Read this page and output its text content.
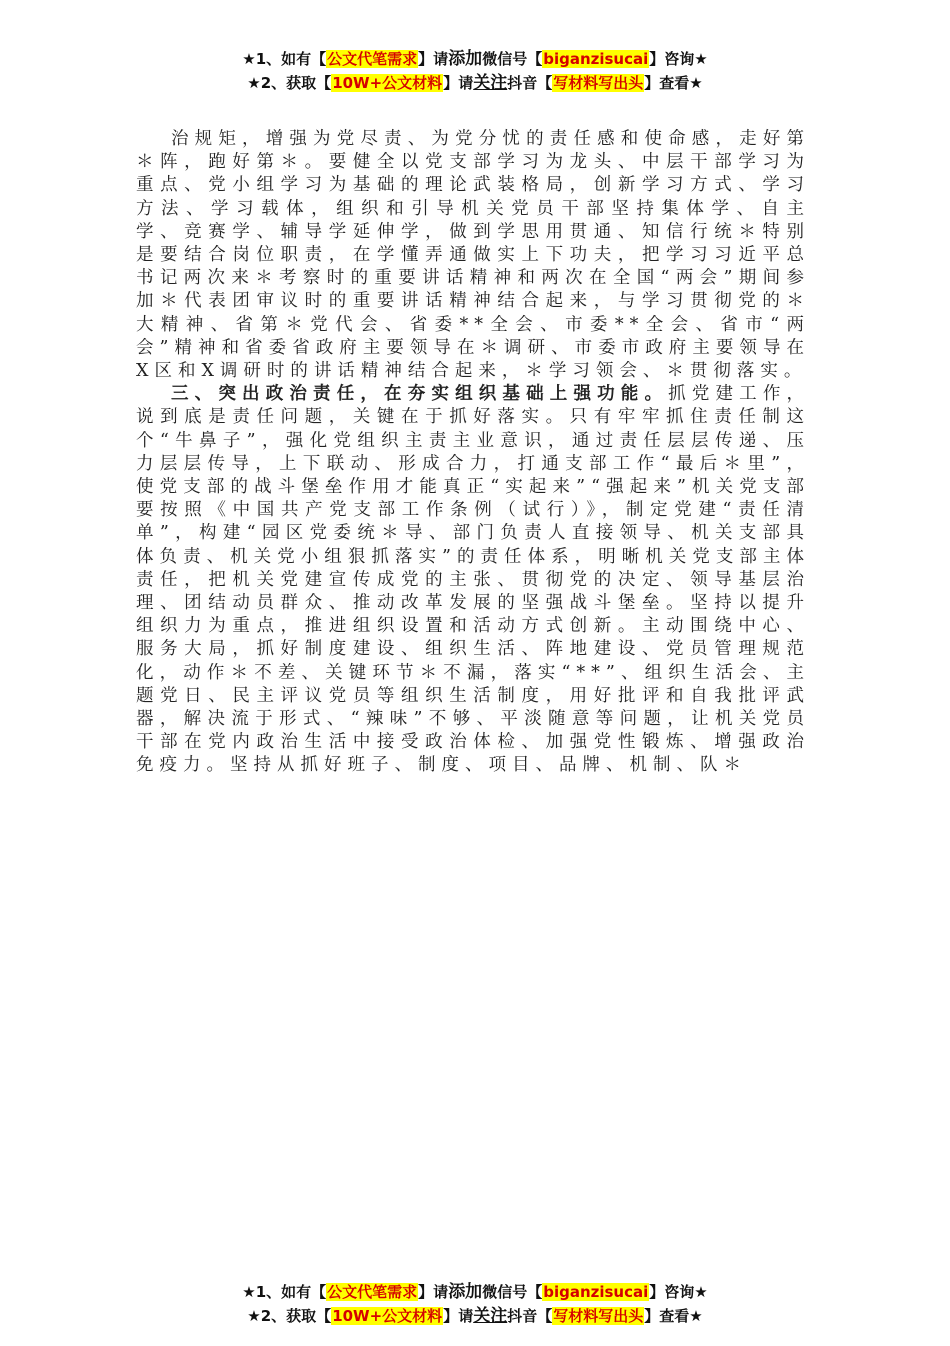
★1、如有【公文代笔需求】请添加微信号【biganzisucai】咨询★
★2、获取【10W+公文材料】请关注抖音【写材料写出头】查看★

治规矩，增强为党尽责、为党分忧的责任感和使命感，走好第＊阵，跑好第＊。要健全以党支部学习为龙头、中层干部学习为重点、党小组学习为基础的理论武装格局，创新学习方式、学习方法、学习载体，组织和引导机关党员干部坚持集体学、自主学、竞赛学、辅导学延伸学，做到学思用贯通、知信行统＊特别是要结合岗位职责，在学懂弄通做实上下功夫，把学习习近平总书记两次来＊考察时的重要讲话精神和两次在全国“两会”期间参加＊代表团审议时的重要讲话精神结合起来，与学习贯彻党的＊大精神、省第＊党代会、省委**全会、市委**全会、省市“两会”精神和省委省政府主要领导在＊调研、市委市政府主要领导在X区和X调研时的讲话精神结合起来，＊学习领会、＊贯彻落实。

三、突出政治责任，在夯实组织基础上强功能。抓党建工作，说到底是责任问题，关键在于抓好落实。只有牢牢抓住责任制这个“牛鼻子”，强化党组织主责主业意识，通过责任层层传递、压力层层传导，上下联动、形成合力，打通支部工作“最后＊里”，使党支部的战斗堡垒作用才能真正“实起来”“强起来”机关党支部要按照《中国共产党支部工作条例（试行）》，制定党建“责任清单”，构建“园区党委统＊导、部门负责人直接领导、机关支部具体负责、机关党小组狠抓落实”的责任体系，明晰机关党支部主体责任，把机关党建宣传成党的主张、贯彻党的决定、领导基层治理、团结动员群众、推动改革发展的坚强战斗堡垒。坚持以提升组织力为重点，推进组织设置和活动方式创新。主动围绕中心、服务大局，抓好制度建设、组织生活、阵地建设、党员管理规范化，动作＊不差、关键环节＊不漏，落实“**”、组织生活会、主题党日、民主评议党员等组织生活制度，用好批评和自我批评武器，解决流于形式、“辣味”不够、平淡随意等问题，让机关党员干部在党内政治生活中接受政治体检、加强党性锻炼、增强政治免疫力。坚持从抓好班子、制度、项目、品牌、机制、队＊

★1、如有【公文代笔需求】请添加微信号【biganzisucai】咨询★
★2、获取【10W+公文材料】请关注抖音【写材料写出头】查看★
